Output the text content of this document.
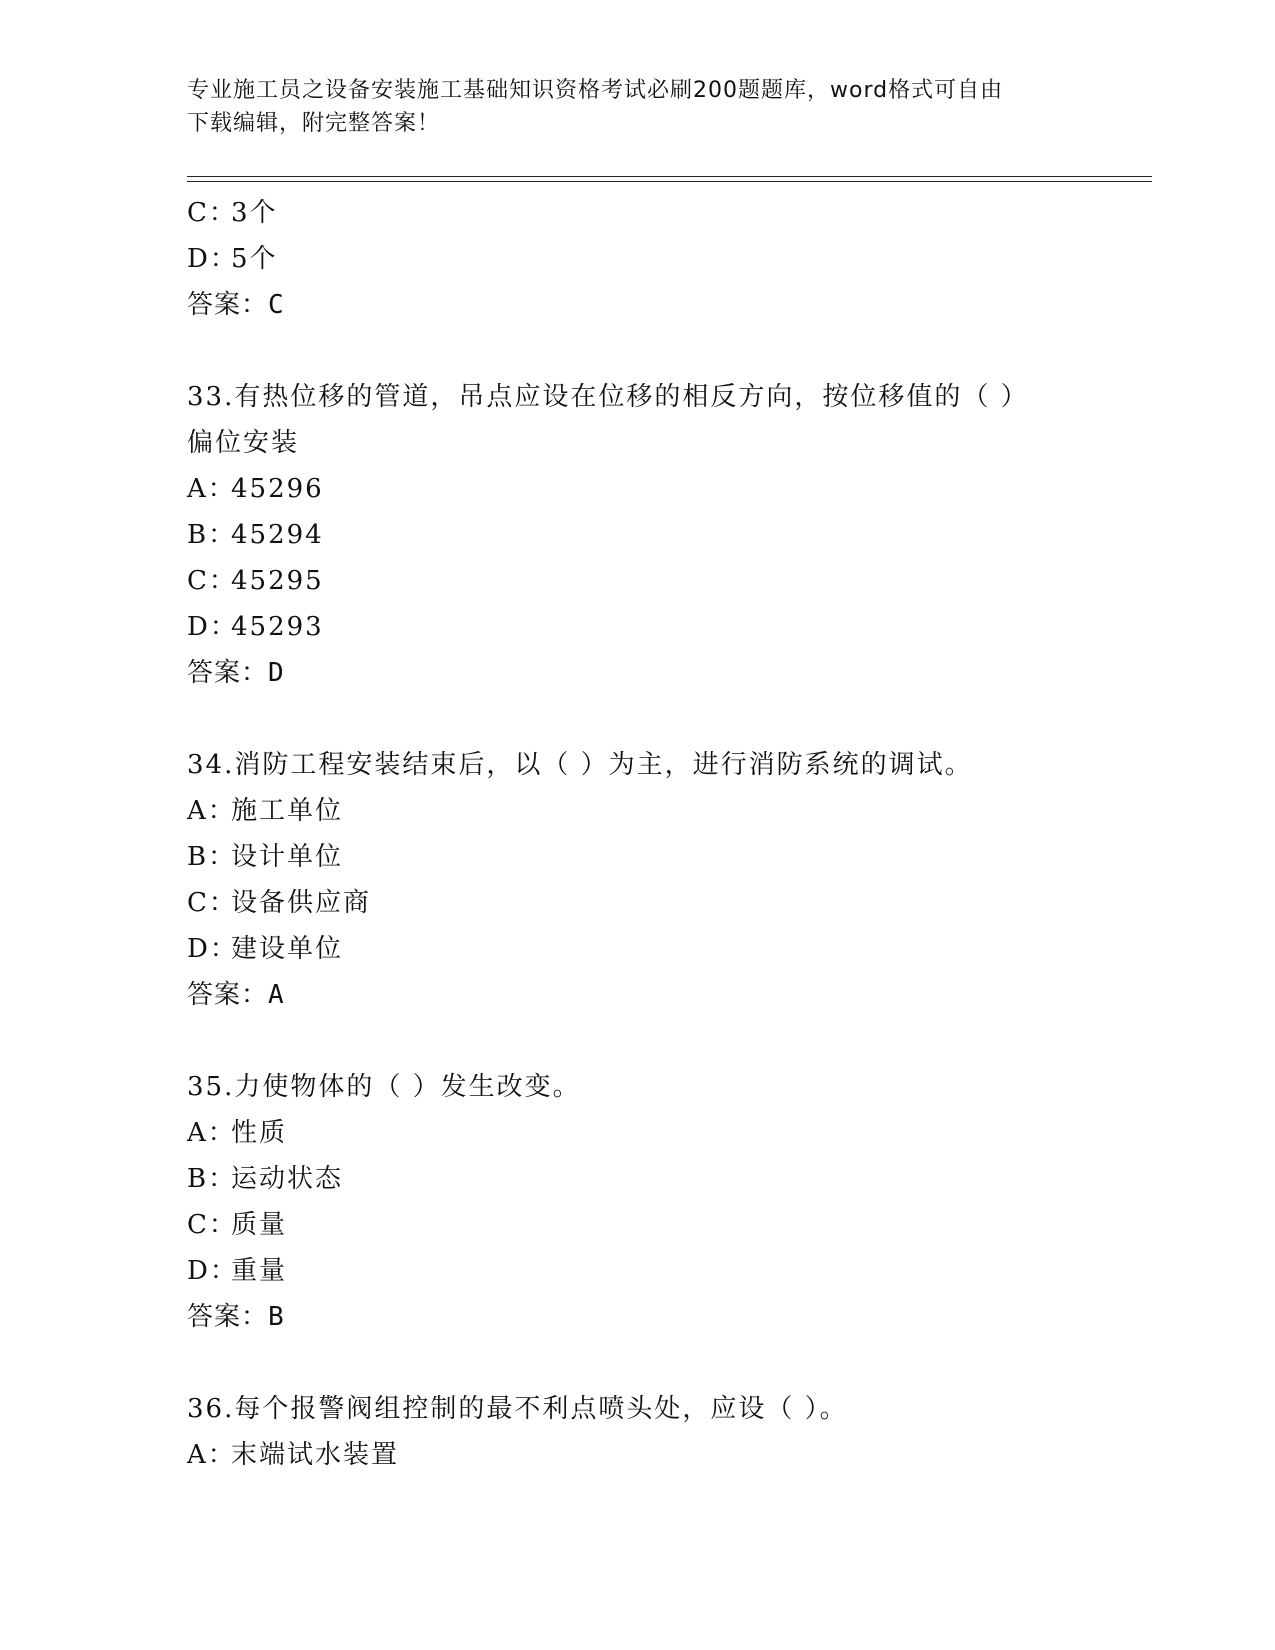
专业施工员之设备安装施工基础知识资格考试必刷200题题库，word格式可自由
下载编辑，附完整答案！
C：3个
D：5个
答案：C
33.有热位移的管道，吊点应设在位移的相反方向，按位移值的（ ）
偏位安装
A：45296
B：45294
C：45295
D：45293
答案：D
34.消防工程安装结束后，以（ ）为主，进行消防系统的调试。
A：施工单位
B：设计单位
C：设备供应商
D：建设单位
答案：A
35.力使物体的（ ）发生改变。
A：性质
B：运动状态
C：质量
D：重量
答案：B
36.每个报警阀组控制的最不利点喷头处，应设（ ）。
A：末端试水装置
